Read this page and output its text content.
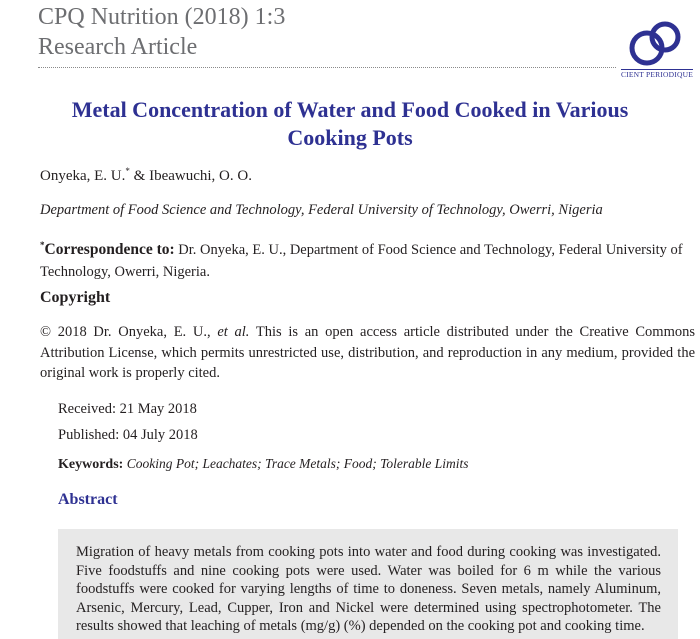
CPQ Nutrition (2018) 1:3
Research Article
CIENT PERIODIQUE
Metal Concentration of Water and Food Cooked in Various Cooking Pots
Onyeka, E. U.* & Ibeawuchi, O. O.
Department of Food Science and Technology, Federal University of Technology, Owerri, Nigeria
*Correspondence to: Dr. Onyeka, E. U., Department of Food Science and Technology, Federal University of Technology, Owerri, Nigeria.
Copyright
© 2018 Dr. Onyeka, E. U., et al. This is an open access article distributed under the Creative Commons Attribution License, which permits unrestricted use, distribution, and reproduction in any medium, provided the original work is properly cited.
Received: 21 May 2018
Published: 04 July 2018
Keywords: Cooking Pot; Leachates; Trace Metals; Food; Tolerable Limits
Abstract
Migration of heavy metals from cooking pots into water and food during cooking was investigated. Five foodstuffs and nine cooking pots were used. Water was boiled for 6 m while the various foodstuffs were cooked for varying lengths of time to doneness. Seven metals, namely Aluminum, Arsenic, Mercury, Lead, Cupper, Iron and Nickel were determined using spectrophotometer. The results showed that leaching of metals (mg/g) (%) depended on the cooking pot and cooking time.
